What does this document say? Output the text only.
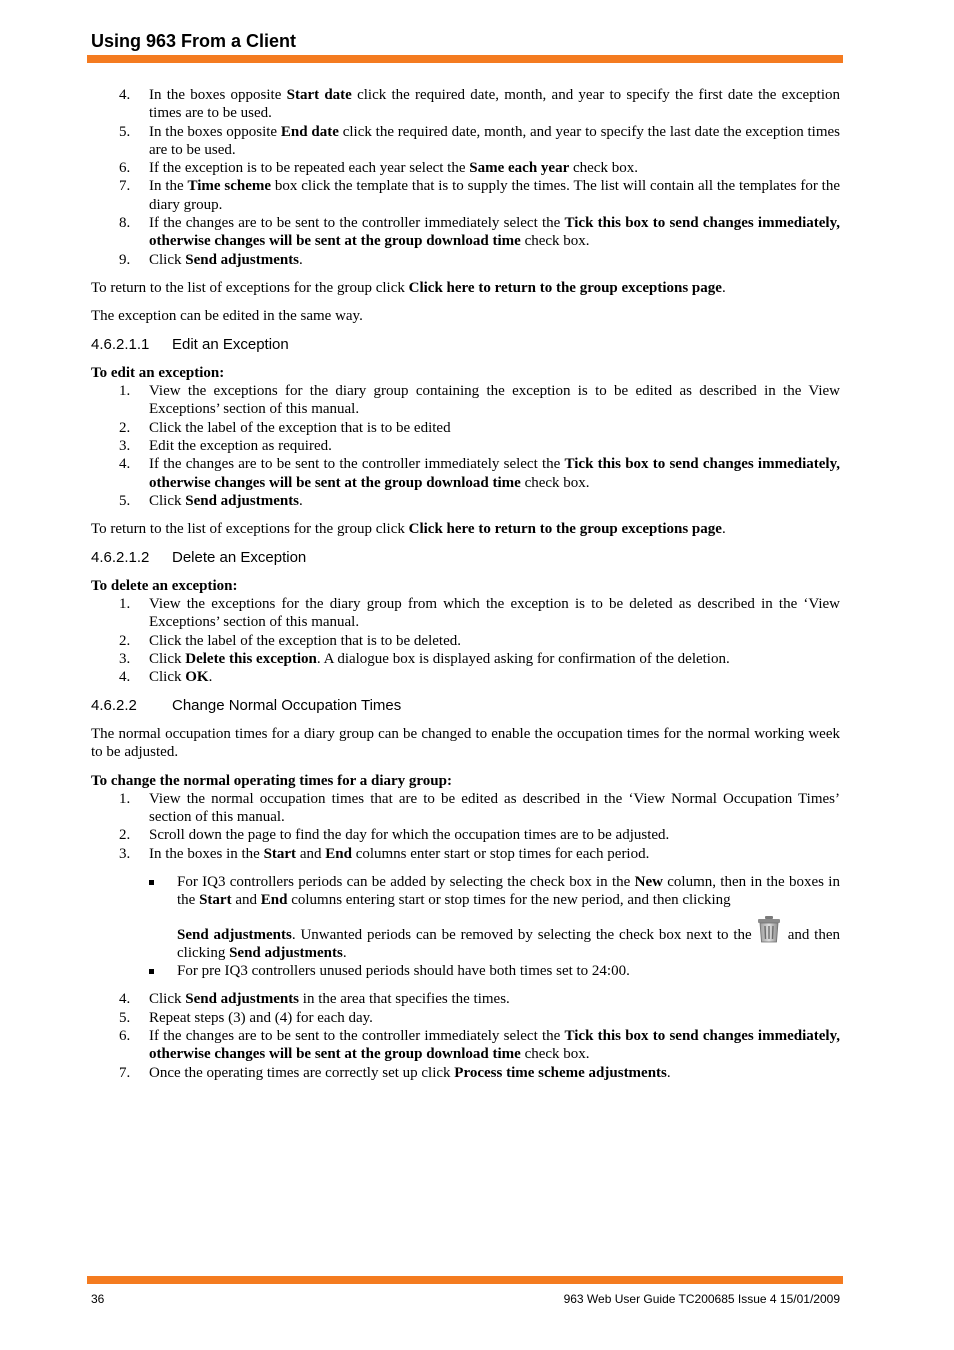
Using 963 From a Client
4. In the boxes opposite Start date click the required date, month, and year to specify the first date the exception times are to be used.
5. In the boxes opposite End date click the required date, month, and year to specify the last date the exception times are to be used.
6. If the exception is to be repeated each year select the Same each year check box.
7. In the Time scheme box click the template that is to supply the times. The list will contain all the templates for the diary group.
8. If the changes are to be sent to the controller immediately select the Tick this box to send changes immediately, otherwise changes will be sent at the group download time check box.
9. Click Send adjustments.

To return to the list of exceptions for the group click Click here to return to the group exceptions page.

The exception can be edited in the same way.

4.6.2.1.1 Edit an Exception
To edit an exception:
1. View the exceptions for the diary group containing the exception is to be edited as described in the View Exceptions’ section of this manual.
2. Click the label of the exception that is to be edited
3. Edit the exception as required.
4. If the changes are to be sent to the controller immediately select the Tick this box to send changes immediately, otherwise changes will be sent at the group download time check box.
5. Click Send adjustments.

To return to the list of exceptions for the group click Click here to return to the group exceptions page.

4.6.2.1.2 Delete an Exception
To delete an exception:
1. View the exceptions for the diary group from which the exception is to be deleted as described in the ‘View Exceptions’ section of this manual.
2. Click the label of the exception that is to be deleted.
3. Click Delete this exception. A dialogue box is displayed asking for confirmation of the deletion.
4. Click OK.
4.6.2.2 Change Normal Occupation Times

The normal occupation times for a diary group can be changed to enable the occupation times for the normal working week to be adjusted.

To change the normal operating times for a diary group:
1. View the normal occupation times that are to be edited as described in the ‘View Normal Occupation Times’ section of this manual.
2. Scroll down the page to find the day for which the occupation times are to be adjusted.
3. In the boxes in the Start and End columns enter start or stop times for each period.
For IQ3 controllers periods can be added by selecting the check box in the New column, then in the boxes in the Start and End columns entering start or stop times for the new period, and then clicking
Send adjustments. Unwanted periods can be removed by selecting the check box next to the and then clicking Send adjustments.
For pre IQ3 controllers unused periods should have both times set to 24:00.
4. Click Send adjustments in the area that specifies the times.
5. Repeat steps (3) and (4) for each day.
6. If the changes are to be sent to the controller immediately select the Tick this box to send changes immediately, otherwise changes will be sent at the group download time check box.
7. Once the operating times are correctly set up click Process time scheme adjustments.
36	963 Web User Guide TC200685 Issue 4 15/01/2009
